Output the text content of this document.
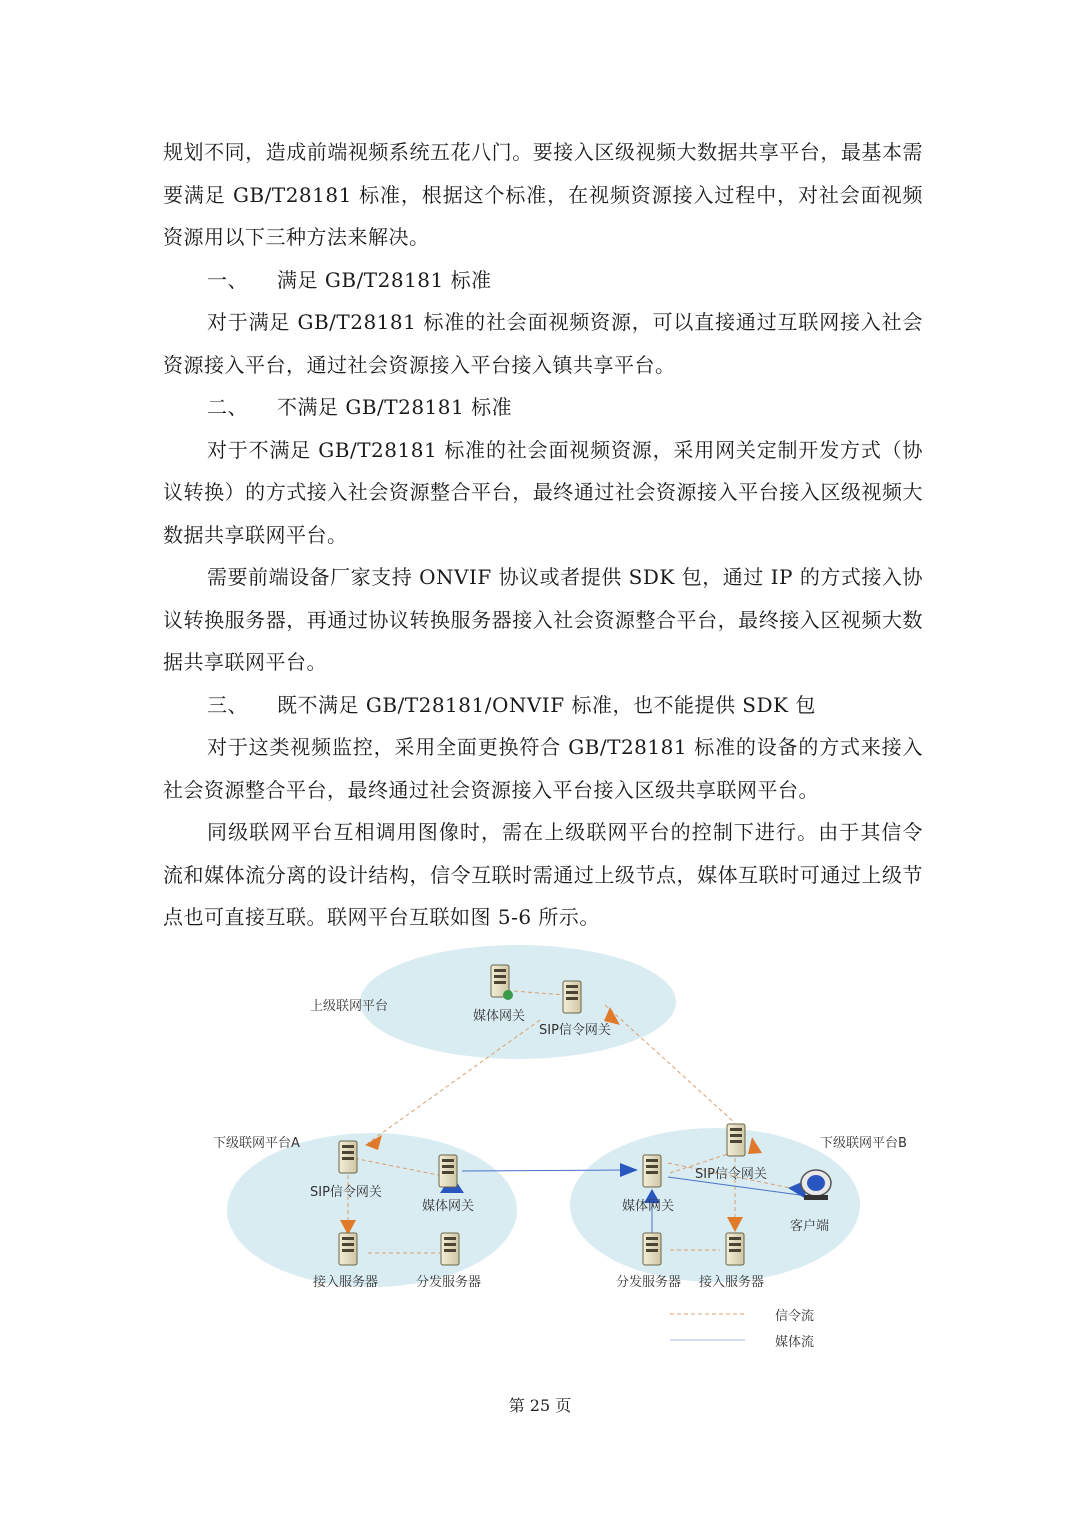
规划不同，造成前端视频系统五花八门。要接入区级视频大数据共享平台，最基本需要满足 GB/T28181 标准，根据这个标准，在视频资源接入过程中，对社会面视频资源用以下三种方法来解决。

一、 满足 GB/T28181 标准

对于满足 GB/T28181 标准的社会面视频资源，可以直接通过互联网接入社会资源接入平台，通过社会资源接入平台接入镇共享平台。

二、 不满足 GB/T28181 标准

对于不满足 GB/T28181 标准的社会面视频资源，采用网关定制开发方式（协议转换）的方式接入社会资源整合平台，最终通过社会资源接入平台接入区级视频大数据共享联网平台。

需要前端设备厂家支持 ONVIF 协议或者提供 SDK 包，通过 IP 的方式接入协议转换服务器，再通过协议转换服务器接入社会资源整合平台，最终接入区视频大数据共享联网平台。

三、 既不满足 GB/T28181/ONVIF 标准，也不能提供 SDK 包

对于这类视频监控，采用全面更换符合 GB/T28181 标准的设备的方式来接入社会资源整合平台，最终通过社会资源接入平台接入区级共享联网平台。

同级联网平台互相调用图像时，需在上级联网平台的控制下进行。由于其信令流和媒体流分离的设计结构，信令互联时需通过上级节点，媒体互联时可通过上级节点也可直接互联。联网平台互联如图 5-6 所示。

上级联网平台
媒体网关
SIP信令网关
下级联网平台A
SIP信令网关
媒体网关
接入服务器	分发服务器
下级联网平台B
SIP信令网关
媒体网关
客户端
分发服务器 接入服务器
信令流
媒体流
第 25 页
